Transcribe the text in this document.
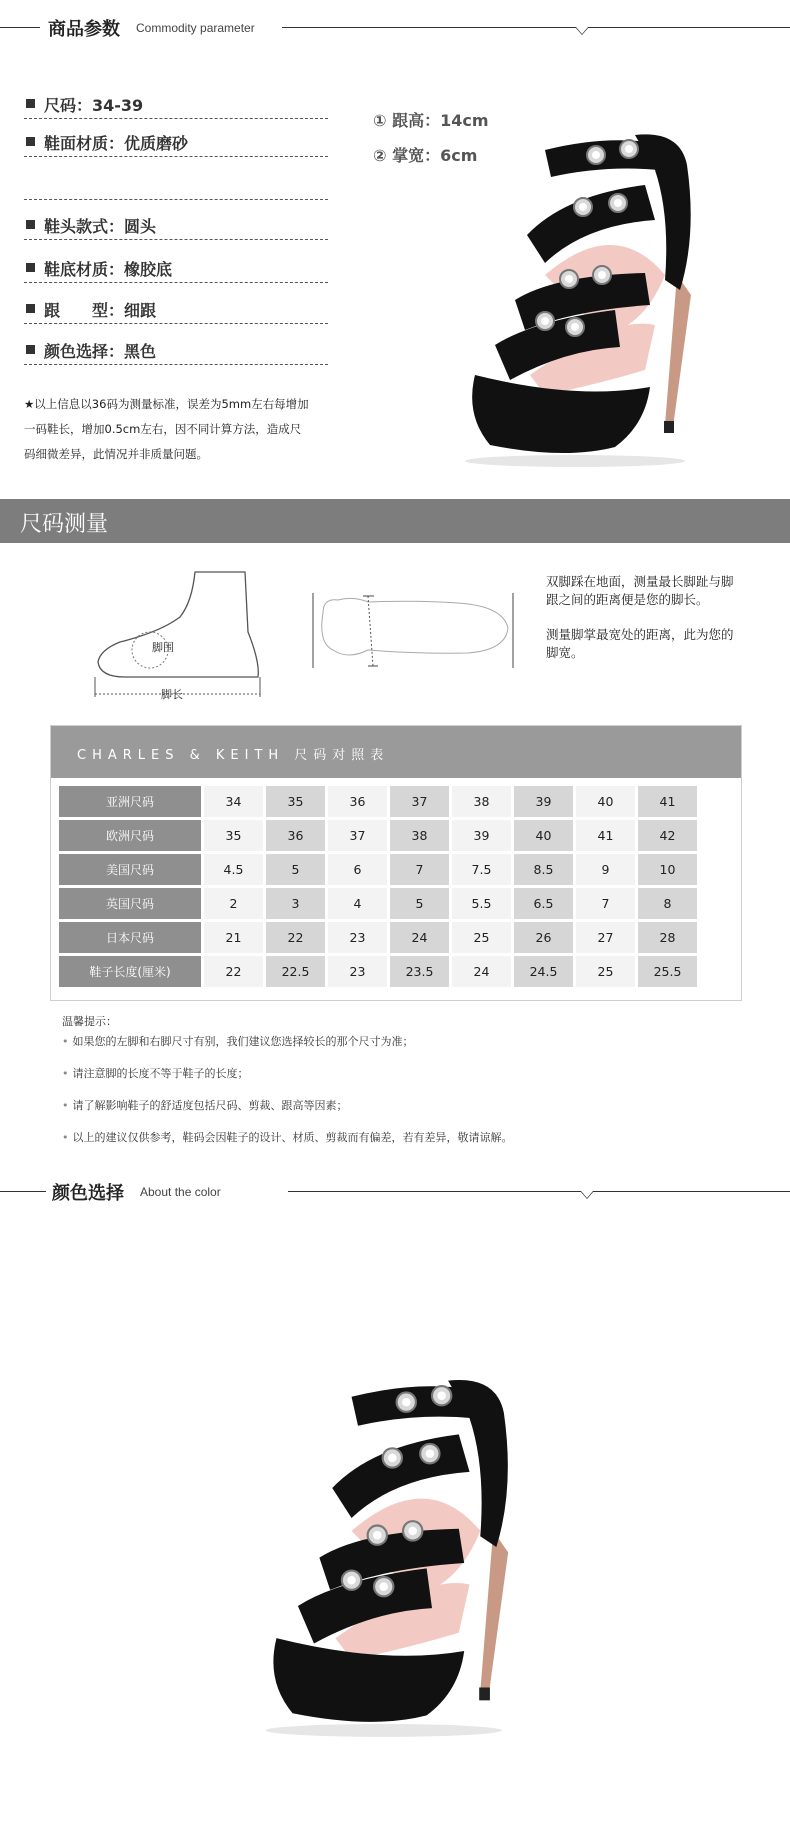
商品参数 Commodity parameter
尺码：34-39
鞋面材质：优质磨砂
鞋头款式：圆头
鞋底材质：橡胶底
跟　　型：细跟
颜色选择：黑色
① 跟高：14cm
② 掌宽：6cm
★以上信息以36码为测量标准，误差为5mm左右每增加
一码鞋长，增加0.5cm左右，因不同计算方法，造成尺
码细微差异，此情况并非质量问题。
尺码测量
脚围
脚长
双脚踩在地面，测量最长脚趾与脚
跟之间的距离便是您的脚长。
测量脚掌最宽处的距离，此为您的
脚宽。
CHARLES & KEITH 尺码对照表
亚洲尺码	34	35	36	37	38	39	40	41
欧洲尺码	35	36	37	38	39	40	41	42
美国尺码	4.5	5	6	7	7.5	8.5	9	10
英国尺码	2	3	4	5	5.5	6.5	7	8
日本尺码	21	22	23	24	25	26	27	28
鞋子长度(厘米)	22	22.5	23	23.5	24	24.5	25	25.5
温馨提示：
• 如果您的左脚和右脚尺寸有别，我们建议您选择较长的那个尺寸为准；
• 请注意脚的长度不等于鞋子的长度；
• 请了解影响鞋子的舒适度包括尺码、剪裁、跟高等因素；
• 以上的建议仅供参考，鞋码会因鞋子的设计、材质、剪裁而有偏差，若有差异，敬请谅解。
颜色选择 About the color
